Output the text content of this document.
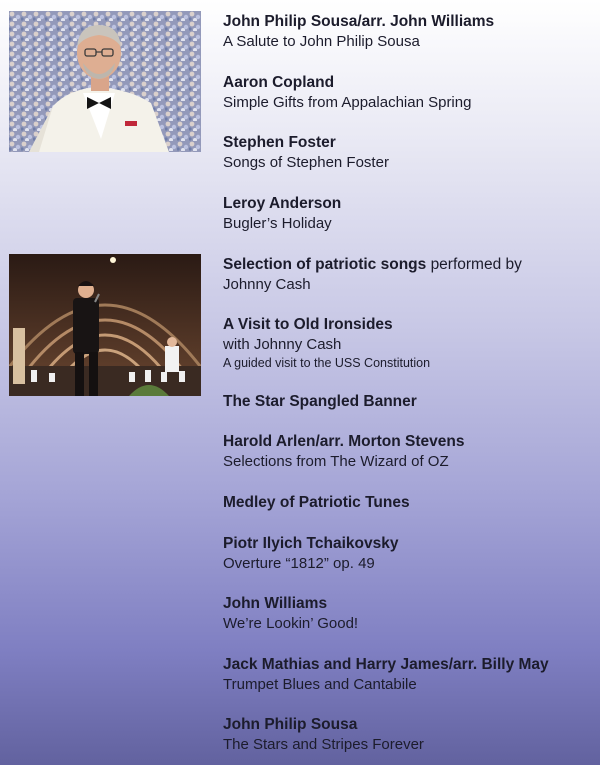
John Philip Sousa/arr. John Williams
A Salute to John Philip Sousa
Aaron Copland
Simple Gifts from Appalachian Spring
Stephen Foster
Songs of Stephen Foster
Leroy Anderson
Bugler’s Holiday
Selection of patriotic songs performed by
Johnny Cash
A Visit to Old Ironsides
with Johnny Cash
A guided visit to the USS Constitution
The Star Spangled Banner
Harold Arlen/arr. Morton Stevens
Selections from The Wizard of OZ
Medley of Patriotic Tunes
Piotr Ilyich Tchaikovsky
Overture “1812” op. 49
John Williams
We’re Lookin’ Good!
Jack Mathias and Harry James/arr. Billy May
Trumpet Blues and Cantabile
John Philip Sousa
The Stars and Stripes Forever
